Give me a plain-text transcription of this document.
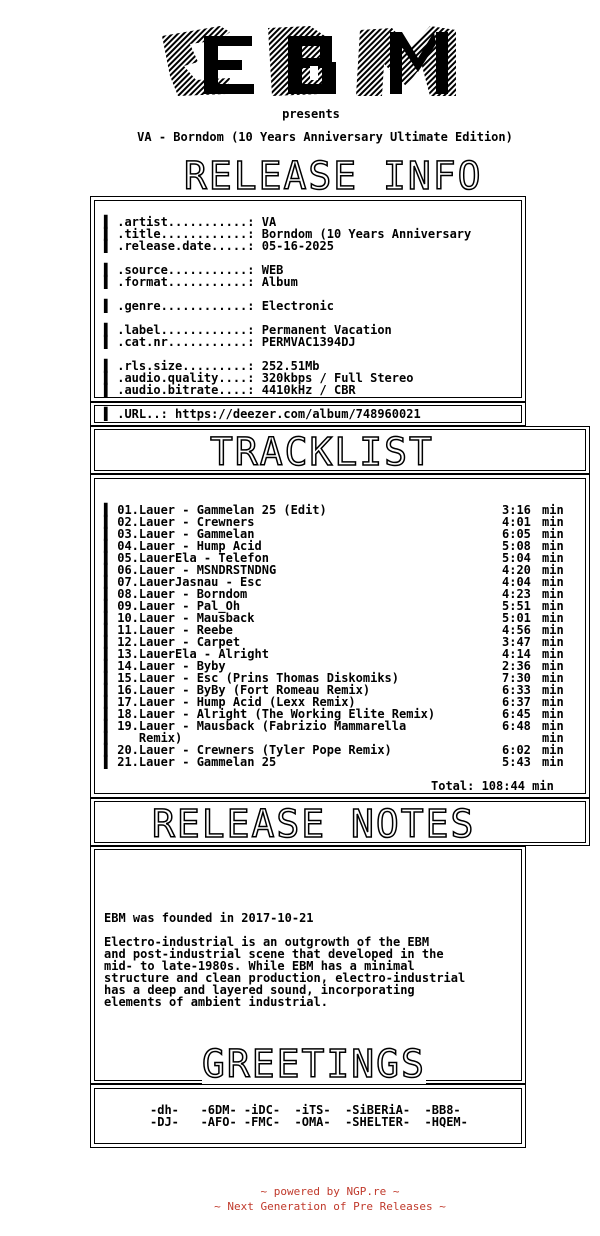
presents
VA - Borndom (10 Years Anniversary Ultimate Edition)
RELEASE INFO
▌ .artist...........: VA
▌ .title............: Borndom (10 Years Anniversary
▌ .release.date.....: 05-16-2025
▌ .source...........: WEB
▌ .format...........: Album
▌ .genre............: Electronic
▌ .label............: Permanent Vacation
▌ .cat.nr...........: PERMVAC1394DJ
▌ .rls.size.........: 252.51Mb
▌ .audio.quality....: 320kbps / Full Stereo
▌ .audio.bitrate....: 4410kHz / CBR
▌ .URL..: https://deezer.com/album/748960021
TRACKLIST
▌ 01.Lauer - Gammelan 25 (Edit)	3:16 min
▌ 02.Lauer - Crewners	4:01 min
▌ 03.Lauer - Gammelan	6:05 min
▌ 04.Lauer - Hump Acid	5:08 min
▌ 05.LauerEla - Telefon	5:04 min
▌ 06.Lauer - MSNDRSTNDNG	4:20 min
▌ 07.LauerJasnau - Esc	4:04 min
▌ 08.Lauer - Borndom	4:23 min
▌ 09.Lauer - Pal_Oh	5:51 min
▌ 10.Lauer - Mausback	5:01 min
▌ 11.Lauer - Reebe	4:56 min
▌ 12.Lauer - Carpet	3:47 min
▌ 13.LauerEla - Alright	4:14 min
▌ 14.Lauer - Byby	2:36 min
▌ 15.Lauer - Esc (Prins Thomas Diskomiks)	7:30 min
▌ 16.Lauer - ByBy (Fort Romeau Remix)	6:33 min
▌ 17.Lauer - Hump Acid (Lexx Remix)	6:37 min
▌ 18.Lauer - Alright (The Working Elite Remix)	6:45 min
▌ 19.Lauer - Mausback (Fabrizio Mammarella	6:48 min
▌    Remix)	min
▌ 20.Lauer - Crewners (Tyler Pope Remix)	6:02 min
▌ 21.Lauer - Gammelan 25	5:43 min
Total: 108:44 min
RELEASE NOTES
EBM was founded in 2017-10-21
Electro-industrial is an outgrowth of the EBM
and post-industrial scene that developed in the
mid- to late-1980s. While EBM has a minimal
structure and clean production, electro-industrial
has a deep and layered sound, incorporating
elements of ambient industrial.
GREETINGS
-dh-   -6DM- -iDC-  -iTS-  -SiBERiA-  -BB8-
-DJ-   -AFO- -FMC-  -OMA-  -SHELTER-  -HQEM-
~ powered by NGP.re ~
~ Next Generation of Pre Releases ~
